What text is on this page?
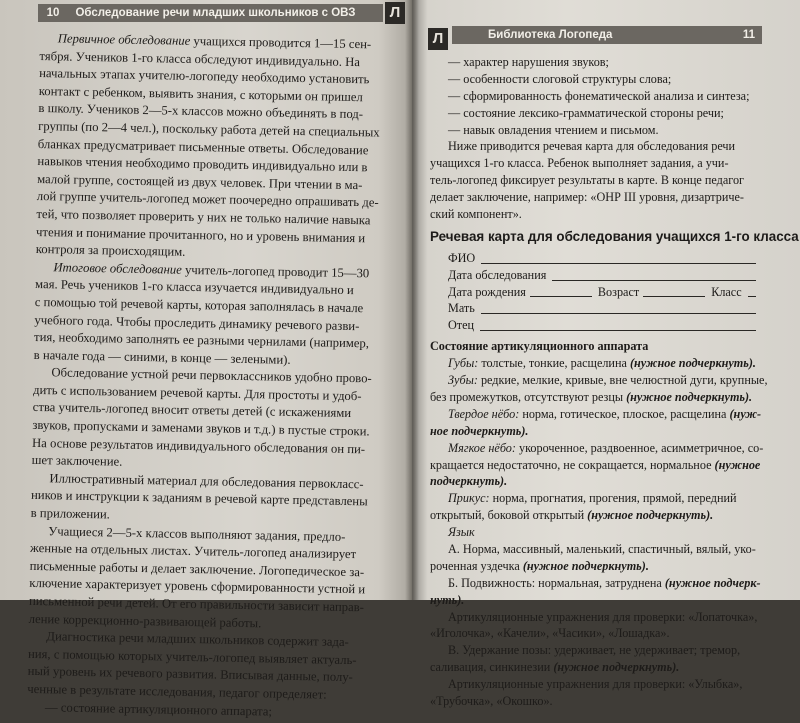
10	Обследование речи младших школьников с ОВЗ	Л
Первичное обследование учащихся проводится 1—15 сен-
тября. Учеников 1-го класса обследуют индивидуально. На
начальных этапах учителю-логопеду необходимо установить
контакт с ребенком, выявить знания, с которыми он пришел
в школу. Учеников 2—5-х классов можно объединять в под-
группы (по 2—4 чел.), поскольку работа детей на специальных
бланках предусматривает письменные ответы. Обследование
навыков чтения необходимо проводить индивидуально или в
малой группе, состоящей из двух человек. При чтении в ма-
лой группе учитель-логопед может поочередно опрашивать де-
тей, что позволяет проверить у них не только наличие навыка
чтения и понимание прочитанного, но и уровень внимания и
контроля за происходящим.
Итоговое обследование учитель-логопед проводит 15—30
мая. Речь учеников 1-го класса изучается индивидуально и
с помощью той речевой карты, которая заполнялась в начале
учебного года. Чтобы проследить динамику речевого разви-
тия, необходимо заполнять ее разными чернилами (например,
в начале года — синими, в конце — зелеными).
Обследование устной речи первоклассников удобно прово-
дить с использованием речевой карты. Для простоты и удоб-
ства учитель-логопед вносит ответы детей (с искажениями
звуков, пропусками и заменами звуков и т.д.) в пустые строки.
На основе результатов индивидуального обследования он пи-
шет заключение.
Иллюстративный материал для обследования первокласс-
ников и инструкции к заданиям в речевой карте представлены
в приложении.
Учащиеся 2—5-х классов выполняют задания, предло-
женные на отдельных листах. Учитель-логопед анализирует
письменные работы и делает заключение. Логопедическое за-
ключение характеризует уровень сформированности устной и
письменной речи детей. От его правильности зависит направ-
ление коррекционно-развивающей работы.
Диагностика речи младших школьников содержит зада-
ния, с помощью которых учитель-логопед выявляет актуаль-
ный уровень их речевого развития. Вписывая данные, полу-
ченные в результате исследования, педагог определяет:
— состояние артикуляционного аппарата;
Л	Библиотека Логопеда	11
— характер нарушения звуков;
— особенности слоговой структуры слова;
— сформированность фонематической анализа и синтеза;
— состояние лексико-грамматической стороны речи;
— навык овладения чтением и письмом.
Ниже приводится речевая карта для обследования речи
учащихся 1-го класса. Ребенок выполняет задания, а учи-
тель-логопед фиксирует результаты в карте. В конце педагог
делает заключение, например: «ОНР III уровня, дизартриче-
ский компонент».
Речевая карта для обследования учащихся 1-го класса
ФИО
Дата обследования
Дата рождения	Возраст	Класс
Мать
Отец
Состояние артикуляционного аппарата
Губы: толстые, тонкие, расщелина (нужное подчеркнуть).
Зубы: редкие, мелкие, кривые, вне челюстной дуги, крупные,
без промежутков, отсутствуют резцы (нужное подчеркнуть).
Твердое нёбо: норма, готическое, плоское, расщелина (нуж-
ное подчеркнуть).
Мягкое нёбо: укороченное, раздвоенное, асимметричное, со-
кращается недостаточно, не сокращается, нормальное (нужное
подчеркнуть).
Прикус: норма, прогнатия, прогения, прямой, передний
открытый, боковой открытый (нужное подчеркнуть).
Язык
А. Норма, массивный, маленький, спастичный, вялый, уко-
роченная уздечка (нужное подчеркнуть).
Б. Подвижность: нормальная, затруднена (нужное подчерк-
нуть).
Артикуляционные упражнения для проверки: «Лопаточка»,
«Иголочка», «Качели», «Часики», «Лошадка».
В. Удержание позы: удерживает, не удерживает; тремор,
саливация, синкинезии (нужное подчеркнуть).
Артикуляционные упражнения для проверки: «Улыбка»,
«Трубочка», «Окошко».
